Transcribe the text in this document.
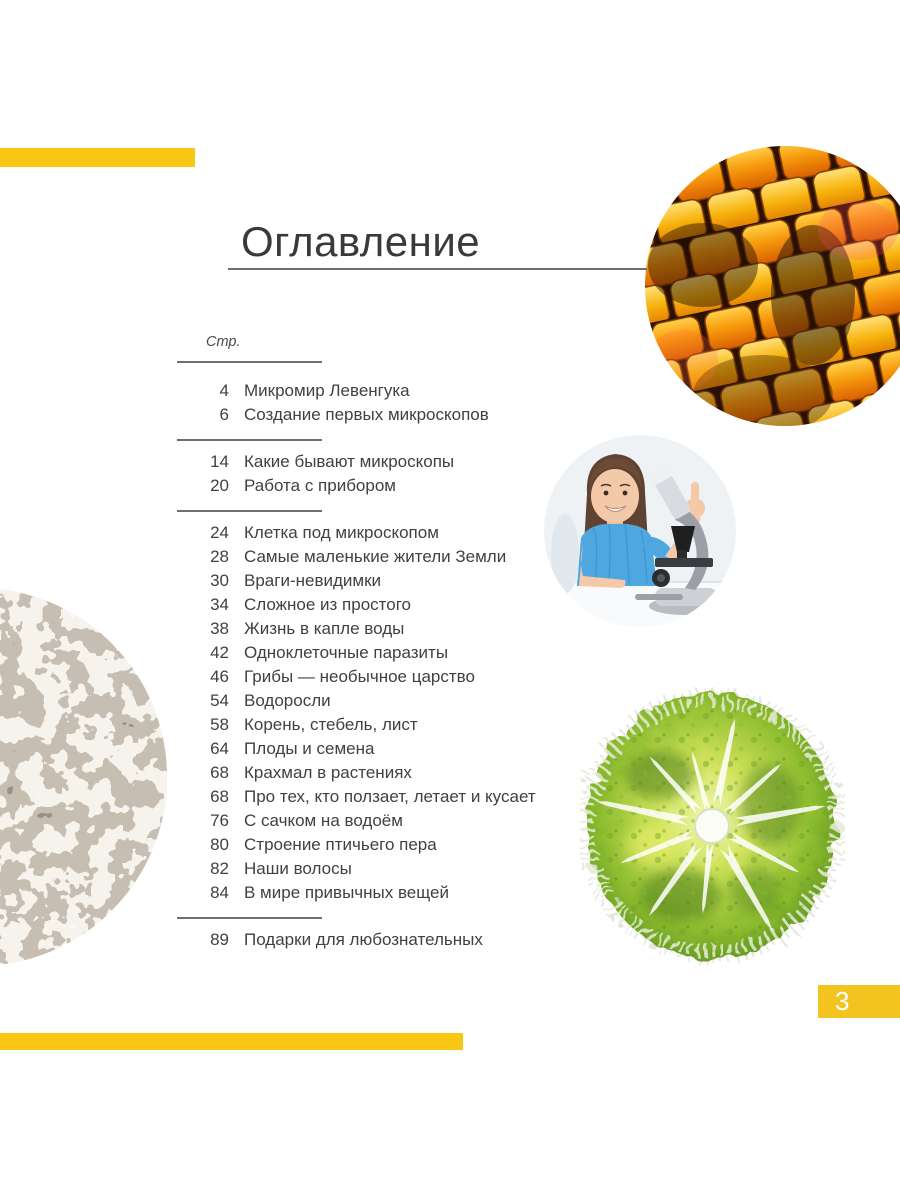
Оглавление
Стр.
4 Микромир Левенгука
6 Создание первых микроскопов
14 Какие бывают микроскопы
20 Работа с прибором
24 Клетка под микроскопом
28 Самые маленькие жители Земли
30 Враги-невидимки
34 Сложное из простого
38 Жизнь в капле воды
42 Одноклеточные паразиты
46 Грибы — необычное царство
54 Водоросли
58 Корень, стебель, лист
64 Плоды и семена
68 Крахмал в растениях
68 Про тех, кто ползает, летает и кусает
76 С сачком на водоём
80 Строение птичьего пера
82 Наши волосы
84 В мире привычных вещей
89 Подарки для любознательных
3
